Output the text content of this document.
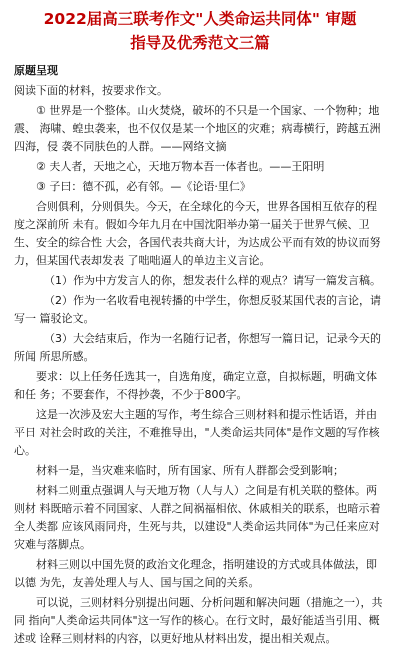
2022届高三联考作文"人类命运共同体" 审题
指导及优秀范文三篇

原题呈现

阅读下面的材料，按要求作文。

① 世界是一个整体。山火焚烧，破坏的不只是一个国家、一个物种；地震、 海啸、蝗虫袭来，也不仅仅是某一个地区的灾难；病毒横行，跨越五洲四海，侵 袭不同肤色的人群。——网络文摘

② 夫人者，天地之心，天地万物本吾一体者也。——王阳明

③ 子曰：德不孤，必有邻。—《论语·里仁》

合则俱利，分则俱失。今天，在全球化的今天，世界各国相互依存的程度之深前所 未有。假如今年九月在中国沈阳举办第一届关于世界气候、卫生、安全的综合性 大会，各国代表共商大计，为达成公平而有效的协议而努力，但某国代表却发表 了咄咄逼人的单边主义言论。

（1）作为中方发言人的你，想发表什么样的观点？请写一篇发言稿。

（2）作为一名收看电视转播的中学生，你想反驳某国代表的言论，请写一 篇驳论文。

（3）大会结束后，作为一名随行记者，你想写一篇日记，记录今天的所闻 所思所感。

要求：以上任务任选其一，自选角度，确定立意，自拟标题，明确文体和任 务；不要套作，不得抄袭，不少于800字。

这是一次涉及宏大主题的写作，考生综合三则材料和提示性话语，并由平日 对社会时政的关注，不难推导出，"人类命运共同体"是作文题的写作核心。

材料一是，当灾难来临时，所有国家、所有人群都会受到影响；

材料二则重点强调人与天地万物（人与人）之间是有机关联的整体。两则材 料既暗示着不同国家、人群之间祸福相依、休戚相关的联系，也暗示着全人类都 应该风雨同舟，生死与共，以建设"人类命运共同体"为己任来应对灾难与落脚点。

材料三则以中国先贤的政治文化理念，指明建设的方式或具体做法，即以德 为先，友善处理人与人、国与国之间的关系。

可以说，三则材料分别提出问题、分析问题和解决问题（措施之一），共同 指向"人类命运共同体"这一写作的核心。在行文时，最好能适当引用、概述或 诠释三则材料的内容，以更好地从材料出发，提出相关观点。
